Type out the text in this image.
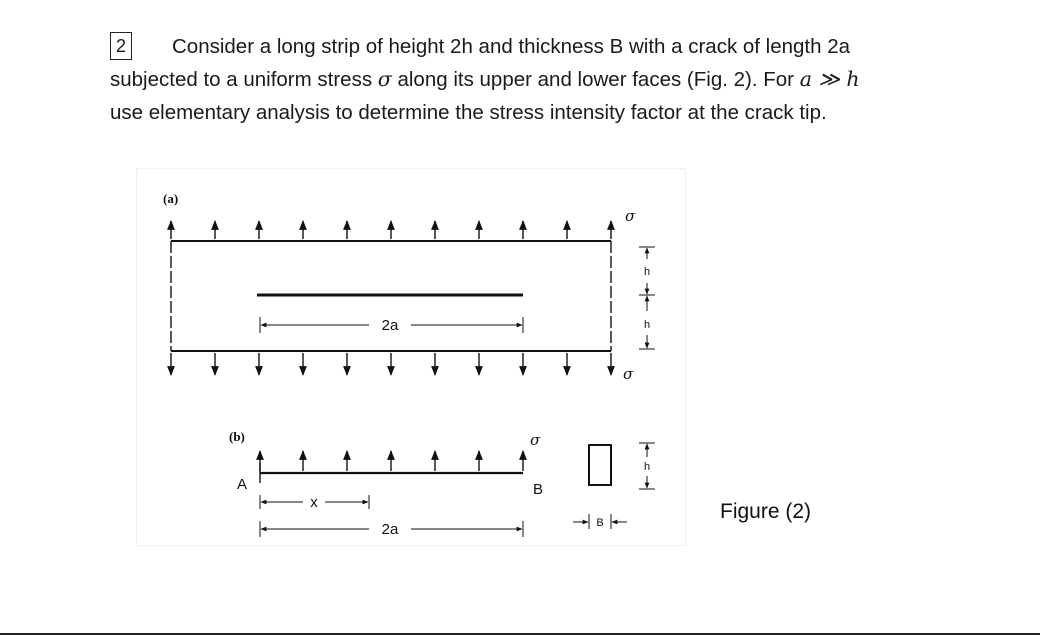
2	Consider a long strip of height 2h and thickness B with a crack of length 2a
subjected to a uniform stress σ along its upper and lower faces (Fig. 2). For a ≫ h
use elementary analysis to determine the stress intensity factor at the crack tip.
(a)
σ
2a
h
h
σ
(b)	σ
A	B
x
2a
h
B	Figure (2)
